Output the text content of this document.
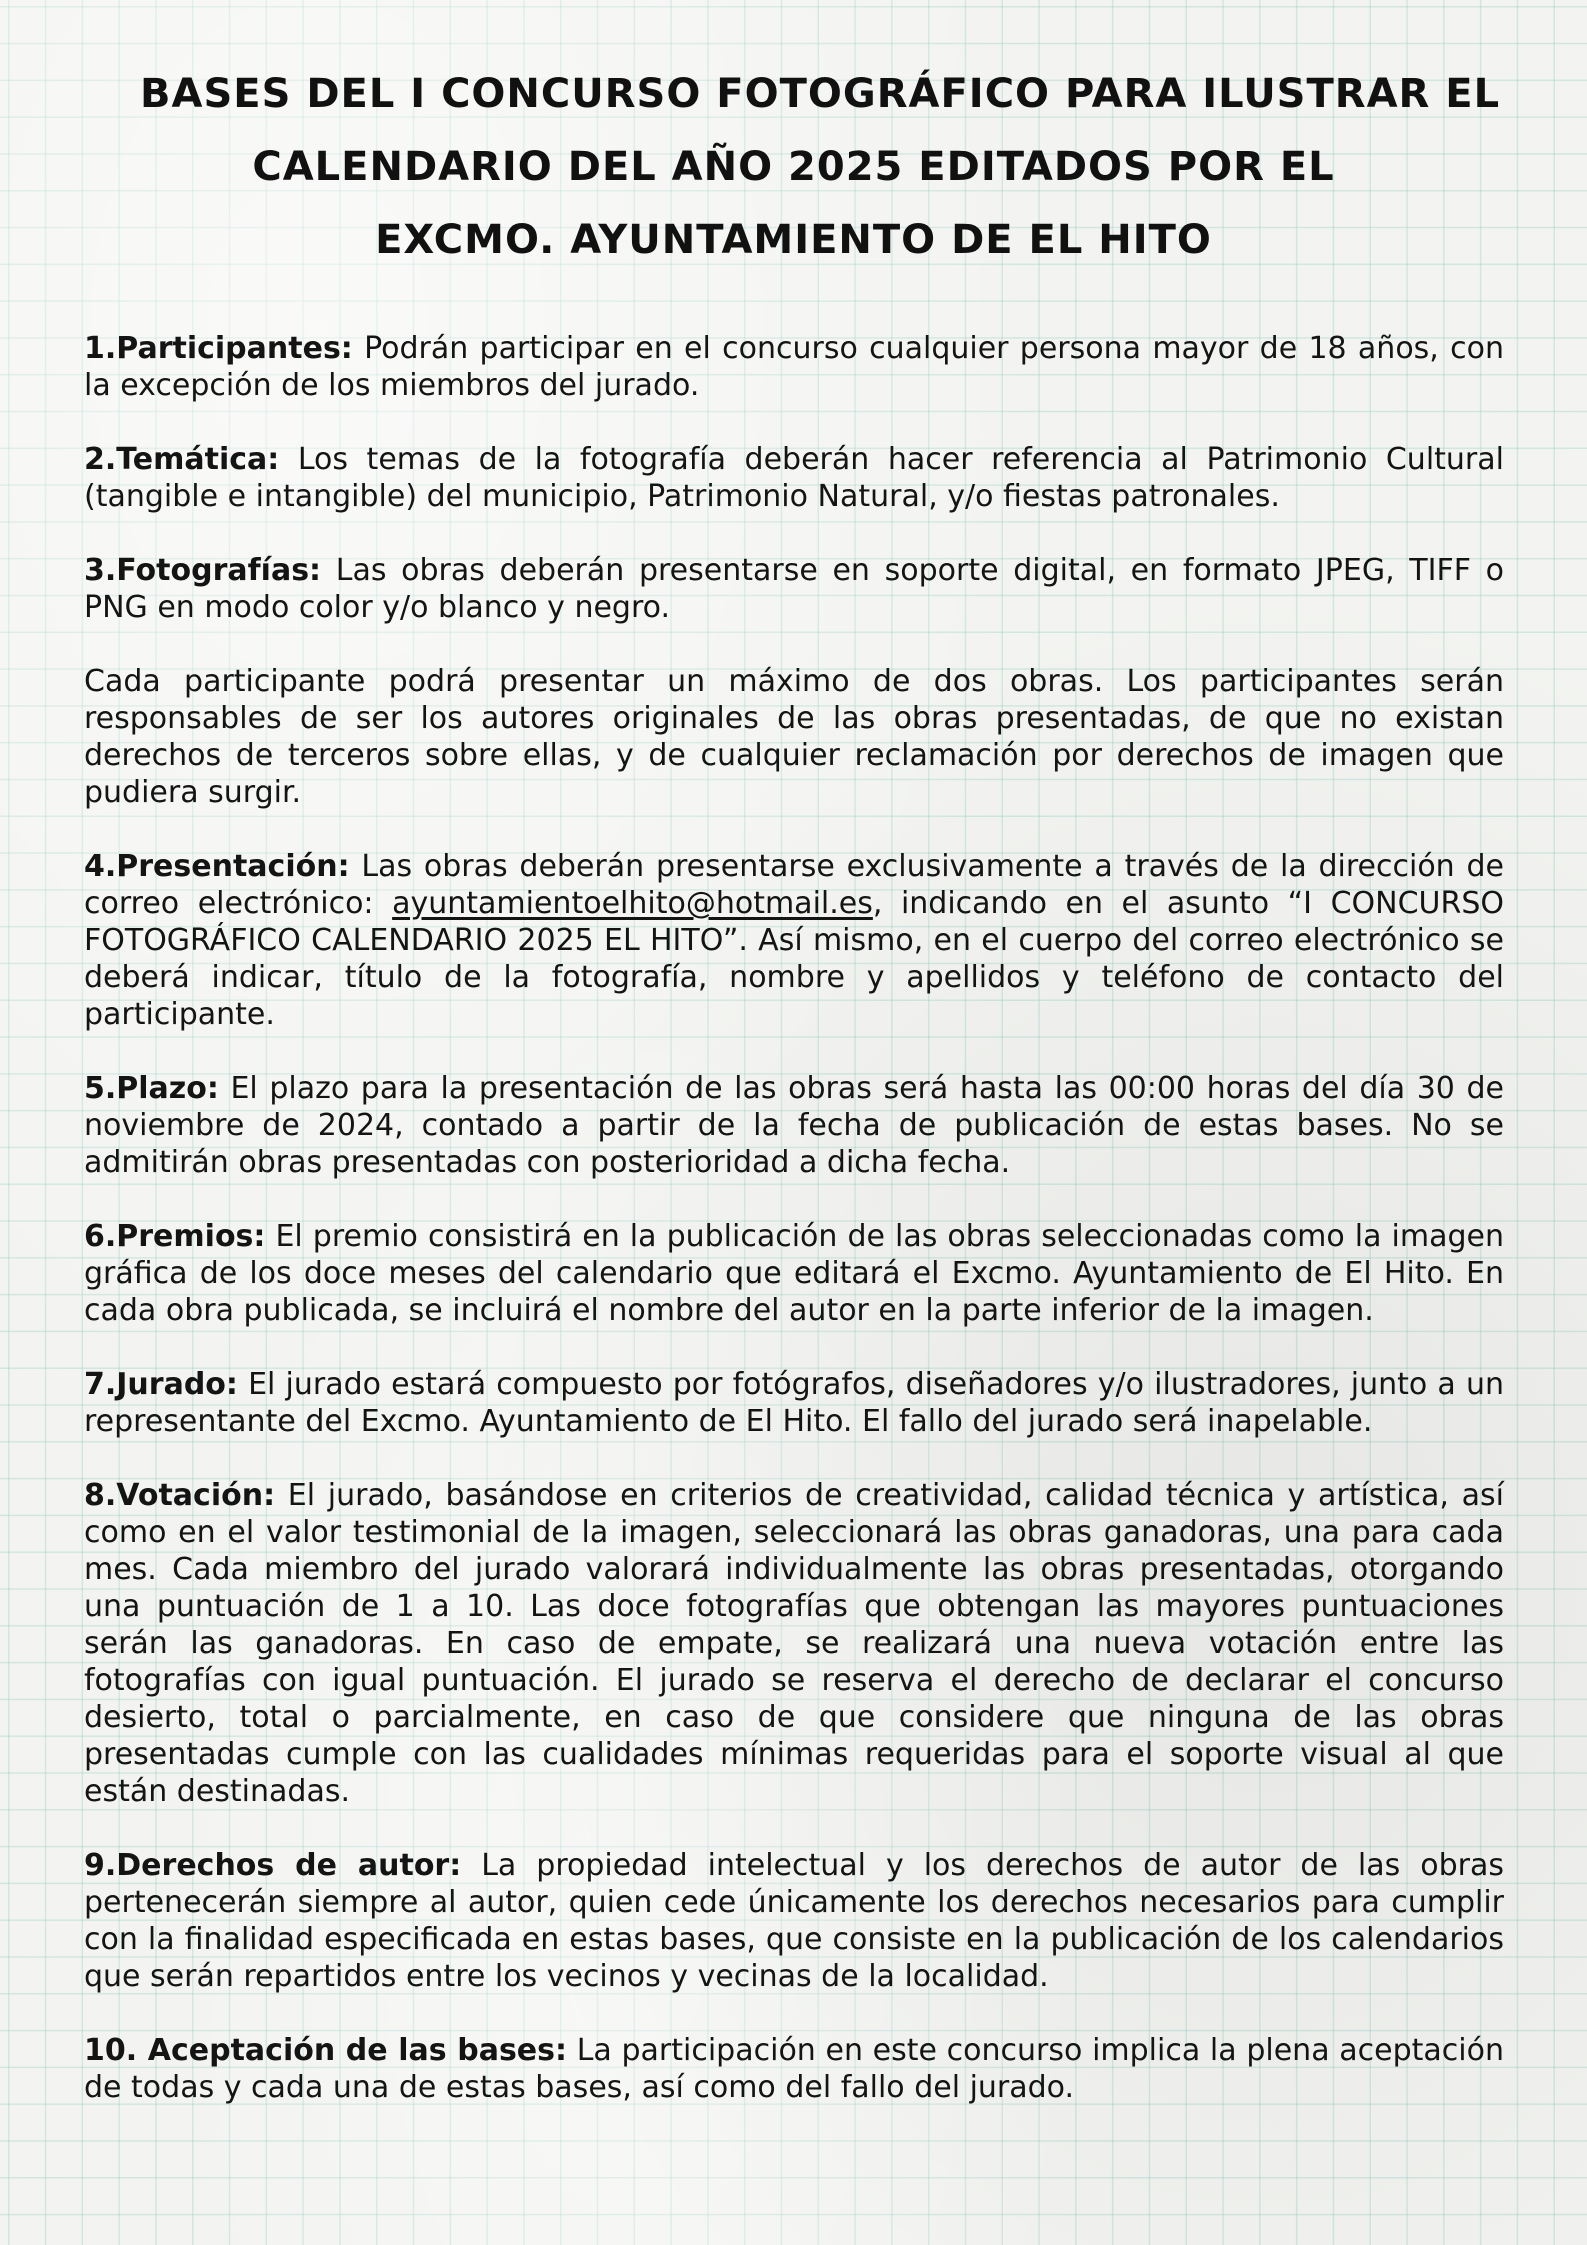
BASES DEL I CONCURSO FOTOGRÁFICO PARA ILUSTRAR EL
CALENDARIO DEL AÑO 2025 EDITADOS POR EL
EXCMO. AYUNTAMIENTO DE EL HITO

1.Participantes: Podrán participar en el concurso cualquier persona mayor de 18 años, con la excepción de los miembros del jurado.

2.Temática: Los temas de la fotografía deberán hacer referencia al Patrimonio Cultural (tangible e intangible) del municipio, Patrimonio Natural, y/o fiestas patronales.

3.Fotografías: Las obras deberán presentarse en soporte digital, en formato JPEG, TIFF o PNG en modo color y/o blanco y negro.

Cada participante podrá presentar un máximo de dos obras. Los participantes serán responsables de ser los autores originales de las obras presentadas, de que no existan derechos de terceros sobre ellas, y de cualquier reclamación por derechos de imagen que pudiera surgir.

4.Presentación: Las obras deberán presentarse exclusivamente a través de la dirección de correo electrónico: ayuntamientoelhito@hotmail.es, indicando en el asunto “I CONCURSO FOTOGRÁFICO CALENDARIO 2025 EL HITO”. Así mismo, en el cuerpo del correo electrónico se deberá indicar, título de la fotografía, nombre y apellidos y teléfono de contacto del participante.

5.Plazo: El plazo para la presentación de las obras será hasta las 00:00 horas del día 30 de noviembre de 2024, contado a partir de la fecha de publicación de estas bases. No se admitirán obras presentadas con posterioridad a dicha fecha.

6.Premios: El premio consistirá en la publicación de las obras seleccionadas como la imagen gráfica de los doce meses del calendario que editará el Excmo. Ayuntamiento de El Hito. En cada obra publicada, se incluirá el nombre del autor en la parte inferior de la imagen.

7.Jurado: El jurado estará compuesto por fotógrafos, diseñadores y/o ilustradores, junto a un representante del Excmo. Ayuntamiento de El Hito. El fallo del jurado será inapelable.

8.Votación: El jurado, basándose en criterios de creatividad, calidad técnica y artística, así como en el valor testimonial de la imagen, seleccionará las obras ganadoras, una para cada mes. Cada miembro del jurado valorará individualmente las obras presentadas, otorgando una puntuación de 1 a 10. Las doce fotografías que obtengan las mayores puntuaciones serán las ganadoras. En caso de empate, se realizará una nueva votación entre las fotografías con igual puntuación. El jurado se reserva el derecho de declarar el concurso desierto, total o parcialmente, en caso de que considere que ninguna de las obras presentadas cumple con las cualidades mínimas requeridas para el soporte visual al que están destinadas.

9.Derechos de autor: La propiedad intelectual y los derechos de autor de las obras pertenecerán siempre al autor, quien cede únicamente los derechos necesarios para cumplir con la finalidad especificada en estas bases, que consiste en la publicación de los calendarios que serán repartidos entre los vecinos y vecinas de la localidad.

10. Aceptación de las bases: La participación en este concurso implica la plena aceptación de todas y cada una de estas bases, así como del fallo del jurado.
